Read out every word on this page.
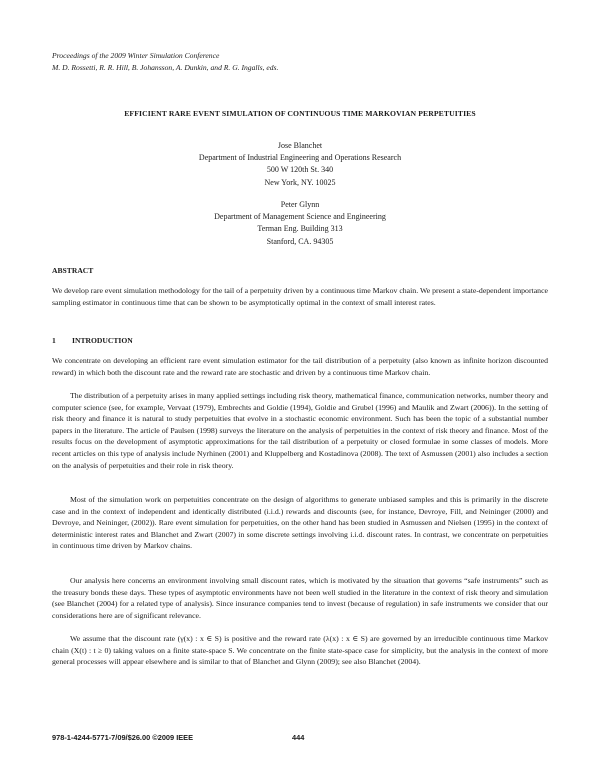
Proceedings of the 2009 Winter Simulation Conference
M. D. Rossetti, R. R. Hill, B. Johansson, A. Dunkin, and R. G. Ingalls, eds.
EFFICIENT RARE EVENT SIMULATION OF CONTINUOUS TIME MARKOVIAN PERPETUITIES
Jose Blanchet
Department of Industrial Engineering and Operations Research
500 W 120th St. 340
New York, NY. 10025
Peter Glynn
Department of Management Science and Engineering
Terman Eng. Building 313
Stanford, CA. 94305
ABSTRACT

We develop rare event simulation methodology for the tail of a perpetuity driven by a continuous time Markov chain. We present a state-dependent importance sampling estimator in continuous time that can be shown to be asymptotically optimal in the context of small interest rates.

1 INTRODUCTION

We concentrate on developing an efficient rare event simulation estimator for the tail distribution of a perpetuity (also known as infinite horizon discounted reward) in which both the discount rate and the reward rate are stochastic and driven by a continuous time Markov chain.

The distribution of a perpetuity arises in many applied settings including risk theory, mathematical finance, communication networks, number theory and computer science (see, for example, Vervaat (1979), Embrechts and Goldie (1994), Goldie and Grubel (1996) and Maulik and Zwart (2006)). In the setting of risk theory and finance it is natural to study perpetuities that evolve in a stochastic economic environment. Such has been the topic of a substantial number papers in the literature. The article of Paulsen (1998) surveys the literature on the analysis of perpetuities in the context of risk theory and finance. Most of the results focus on the development of asymptotic approximations for the tail distribution of a perpetuity or closed formulae in some classes of models. More recent articles on this type of analysis include Nyrhinen (2001) and Kluppelberg and Kostadinova (2008). The text of Asmussen (2001) also includes a section on the analysis of perpetuities and their role in risk theory.

Most of the simulation work on perpetuities concentrate on the design of algorithms to generate unbiased samples and this is primarily in the discrete case and in the context of independent and identically distributed (i.i.d.) rewards and discounts (see, for instance, Devroye, Fill, and Neininger (2000) and Devroye, and Neininger, (2002)). Rare event simulation for perpetuities, on the other hand has been studied in Asmussen and Nielsen (1995) in the context of deterministic interest rates and Blanchet and Zwart (2007) in some discrete settings involving i.i.d. discount rates. In contrast, we concentrate on perpetuities in continuous time driven by Markov chains.

Our analysis here concerns an environment involving small discount rates, which is motivated by the situation that governs “safe instruments” such as the treasury bonds these days. These types of asymptotic environments have not been well studied in the literature in the context of risk theory and simulation (see Blanchet (2004) for a related type of analysis). Since insurance companies tend to invest (because of regulation) in safe instruments we consider that our considerations here are of significant relevance.

We assume that the discount rate (γ(x) : x ∈ S) is positive and the reward rate (λ(x) : x ∈ S) are governed by an irreducible continuous time Markov chain (X(t) : t ≥ 0) taking values on a finite state-space S. We concentrate on the finite state-space case for simplicity, but the analysis in the context of more general processes will appear elsewhere and is similar to that of Blanchet and Glynn (2009); see also Blanchet (2004).

978-1-4244-5771-7/09/$26.00 ©2009 IEEE	444
